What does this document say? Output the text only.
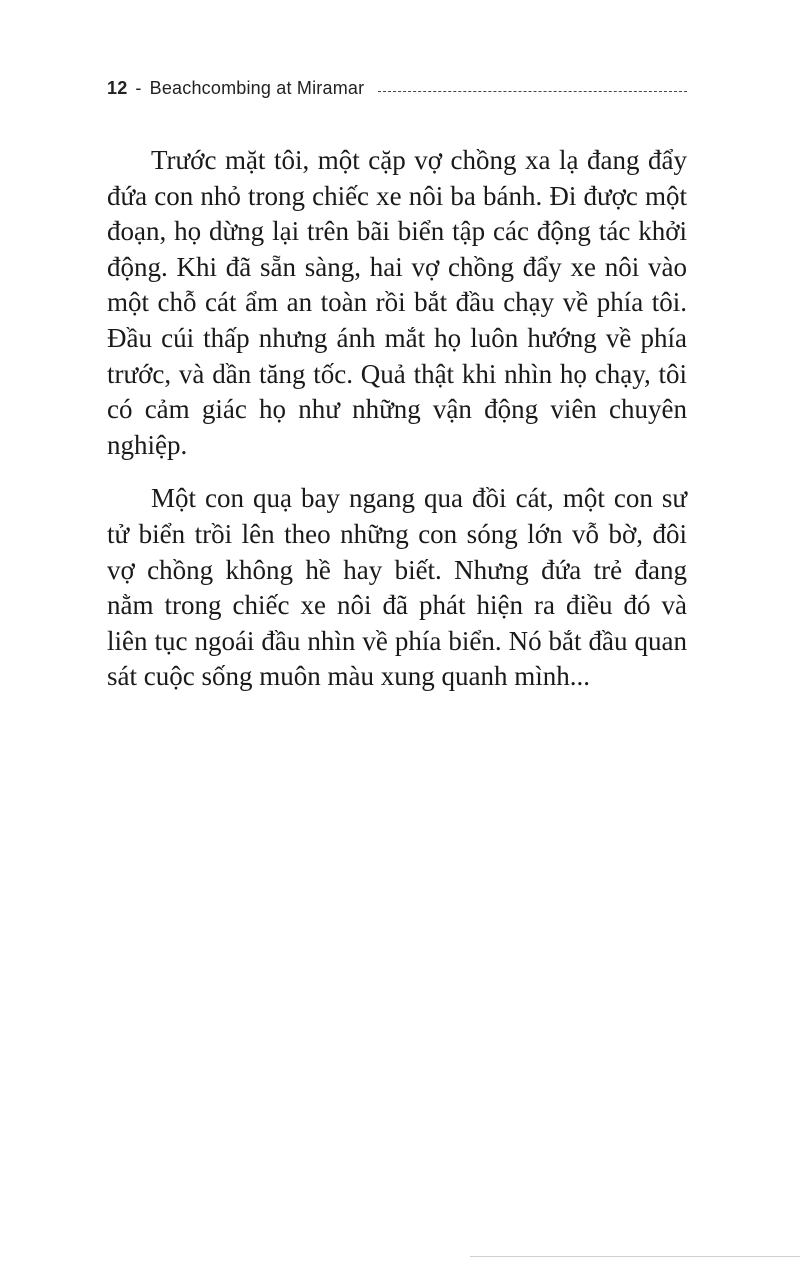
12 - Beachcombing at Miramar

Trước mặt tôi, một cặp vợ chồng xa lạ đang đẩy đứa con nhỏ trong chiếc xe nôi ba bánh. Đi được một đoạn, họ dừng lại trên bãi biển tập các động tác khởi động. Khi đã sẵn sàng, hai vợ chồng đẩy xe nôi vào một chỗ cát ẩm an toàn rồi bắt đầu chạy về phía tôi. Đầu cúi thấp nhưng ánh mắt họ luôn hướng về phía trước, và dần tăng tốc. Quả thật khi nhìn họ chạy, tôi có cảm giác họ như những vận động viên chuyên nghiệp.

Một con quạ bay ngang qua đồi cát, một con sư tử biển trồi lên theo những con sóng lớn vỗ bờ, đôi vợ chồng không hề hay biết. Nhưng đứa trẻ đang nằm trong chiếc xe nôi đã phát hiện ra điều đó và liên tục ngoái đầu nhìn về phía biển. Nó bắt đầu quan sát cuộc sống muôn màu xung quanh mình...
